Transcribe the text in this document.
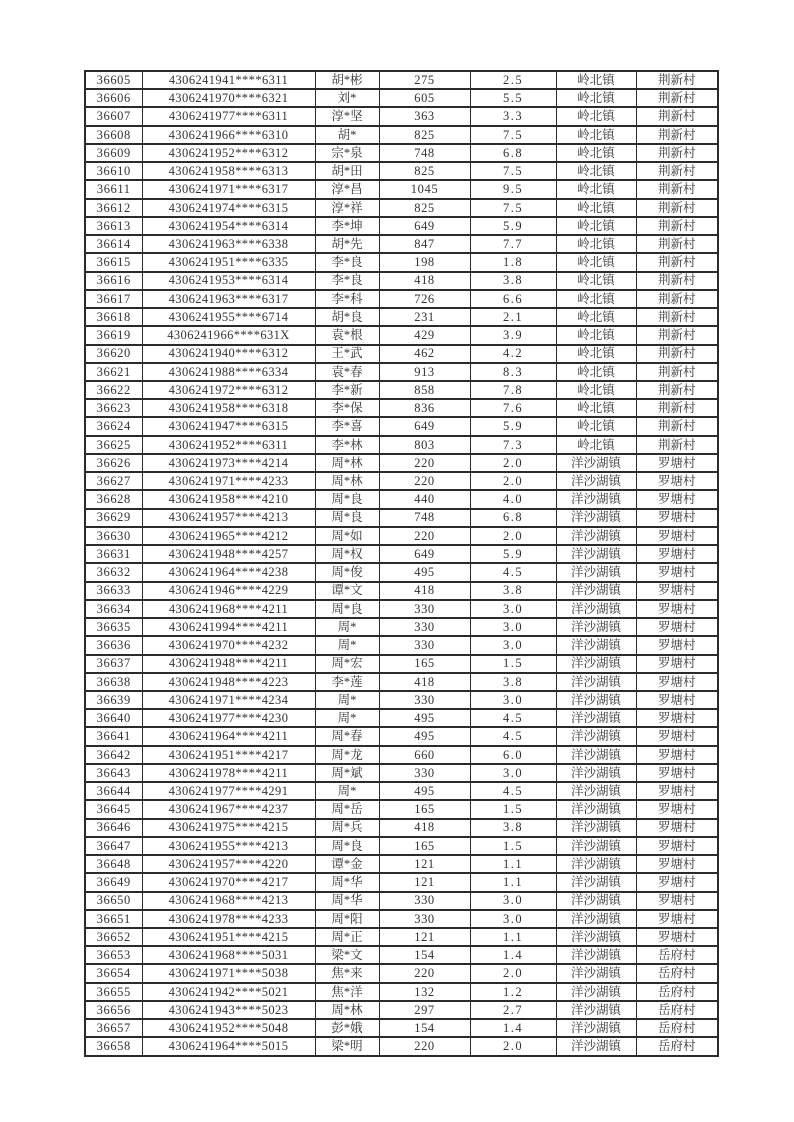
36605	4306241941****6311	胡*彬	275	2.5	岭北镇	荆新村
36606	4306241970****6321	刘*	605	5.5	岭北镇	荆新村
36607	4306241977****6311	淳*坚	363	3.3	岭北镇	荆新村
36608	4306241966****6310	胡*	825	7.5	岭北镇	荆新村
36609	4306241952****6312	宗*泉	748	6.8	岭北镇	荆新村
36610	4306241958****6313	胡*田	825	7.5	岭北镇	荆新村
36611	4306241971****6317	淳*昌	1045	9.5	岭北镇	荆新村
36612	4306241974****6315	淳*祥	825	7.5	岭北镇	荆新村
36613	4306241954****6314	李*坤	649	5.9	岭北镇	荆新村
36614	4306241963****6338	胡*先	847	7.7	岭北镇	荆新村
36615	4306241951****6335	李*良	198	1.8	岭北镇	荆新村
36616	4306241953****6314	李*良	418	3.8	岭北镇	荆新村
36617	4306241963****6317	李*科	726	6.6	岭北镇	荆新村
36618	4306241955****6714	胡*良	231	2.1	岭北镇	荆新村
36619	4306241966****631X	袁*根	429	3.9	岭北镇	荆新村
36620	4306241940****6312	王*武	462	4.2	岭北镇	荆新村
36621	4306241988****6334	袁*春	913	8.3	岭北镇	荆新村
36622	4306241972****6312	李*新	858	7.8	岭北镇	荆新村
36623	4306241958****6318	李*保	836	7.6	岭北镇	荆新村
36624	4306241947****6315	李*喜	649	5.9	岭北镇	荆新村
36625	4306241952****6311	李*林	803	7.3	岭北镇	荆新村
36626	4306241973****4214	周*林	220	2.0	洋沙湖镇	罗塘村
36627	4306241971****4233	周*林	220	2.0	洋沙湖镇	罗塘村
36628	4306241958****4210	周*良	440	4.0	洋沙湖镇	罗塘村
36629	4306241957****4213	周*良	748	6.8	洋沙湖镇	罗塘村
36630	4306241965****4212	周*如	220	2.0	洋沙湖镇	罗塘村
36631	4306241948****4257	周*权	649	5.9	洋沙湖镇	罗塘村
36632	4306241964****4238	周*俊	495	4.5	洋沙湖镇	罗塘村
36633	4306241946****4229	谭*文	418	3.8	洋沙湖镇	罗塘村
36634	4306241968****4211	周*良	330	3.0	洋沙湖镇	罗塘村
36635	4306241994****4211	周*	330	3.0	洋沙湖镇	罗塘村
36636	4306241970****4232	周*	330	3.0	洋沙湖镇	罗塘村
36637	4306241948****4211	周*宏	165	1.5	洋沙湖镇	罗塘村
36638	4306241948****4223	李*莲	418	3.8	洋沙湖镇	罗塘村
36639	4306241971****4234	周*	330	3.0	洋沙湖镇	罗塘村
36640	4306241977****4230	周*	495	4.5	洋沙湖镇	罗塘村
36641	4306241964****4211	周*春	495	4.5	洋沙湖镇	罗塘村
36642	4306241951****4217	周*龙	660	6.0	洋沙湖镇	罗塘村
36643	4306241978****4211	周*斌	330	3.0	洋沙湖镇	罗塘村
36644	4306241977****4291	周*	495	4.5	洋沙湖镇	罗塘村
36645	4306241967****4237	周*岳	165	1.5	洋沙湖镇	罗塘村
36646	4306241975****4215	周*兵	418	3.8	洋沙湖镇	罗塘村
36647	4306241955****4213	周*良	165	1.5	洋沙湖镇	罗塘村
36648	4306241957****4220	谭*金	121	1.1	洋沙湖镇	罗塘村
36649	4306241970****4217	周*华	121	1.1	洋沙湖镇	罗塘村
36650	4306241968****4213	周*华	330	3.0	洋沙湖镇	罗塘村
36651	4306241978****4233	周*阳	330	3.0	洋沙湖镇	罗塘村
36652	4306241951****4215	周*正	121	1.1	洋沙湖镇	罗塘村
36653	4306241968****5031	梁*文	154	1.4	洋沙湖镇	岳府村
36654	4306241971****5038	焦*来	220	2.0	洋沙湖镇	岳府村
36655	4306241942****5021	焦*洋	132	1.2	洋沙湖镇	岳府村
36656	4306241943****5023	周*林	297	2.7	洋沙湖镇	岳府村
36657	4306241952****5048	彭*娥	154	1.4	洋沙湖镇	岳府村
36658	4306241964****5015	梁*明	220	2.0	洋沙湖镇	岳府村
